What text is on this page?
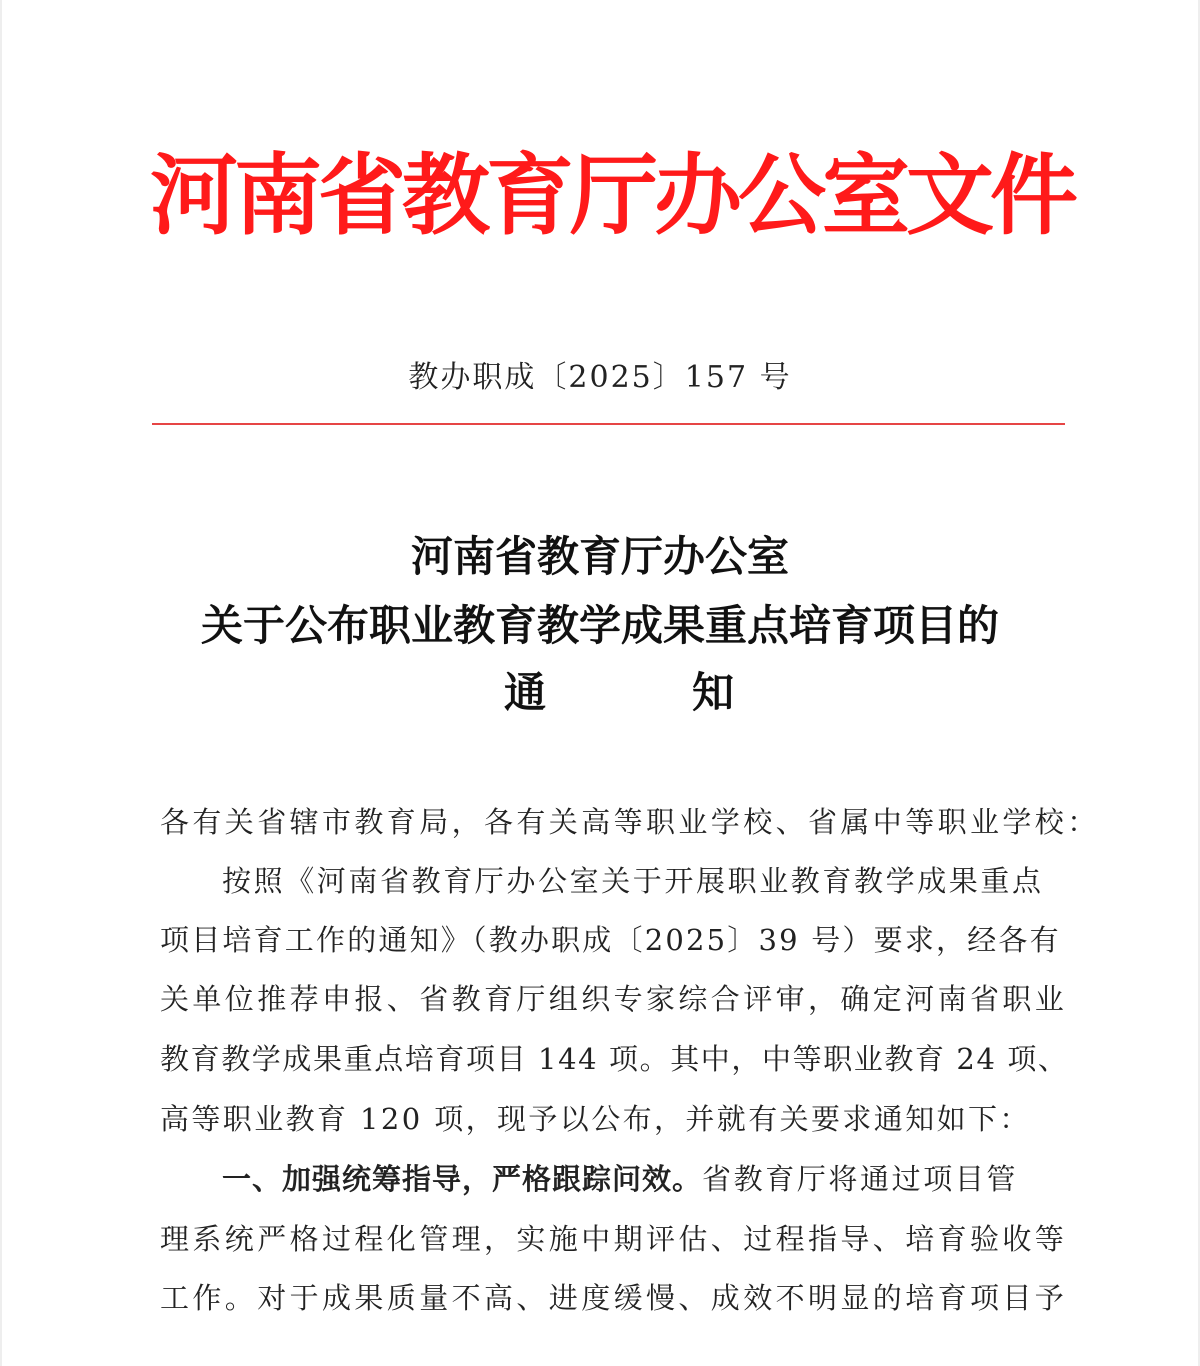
河南省教育厅办公室文件
教办职成〔2025〕157 号
河南省教育厅办公室
关于公布职业教育教学成果重点培育项目的
通	知
各有关省辖市教育局，各有关高等职业学校、省属中等职业学校：
按照《河南省教育厅办公室关于开展职业教育教学成果重点
项目培育工作的通知》（教办职成〔2025〕39 号）要求，经各有
关单位推荐申报、省教育厅组织专家综合评审，确定河南省职业
教育教学成果重点培育项目 144 项。其中，中等职业教育 24 项、
高等职业教育 120 项，现予以公布，并就有关要求通知如下：
一、加强统筹指导，严格跟踪问效。省教育厅将通过项目管
理系统严格过程化管理，实施中期评估、过程指导、培育验收等
工作。对于成果质量不高、进度缓慢、成效不明显的培育项目予
